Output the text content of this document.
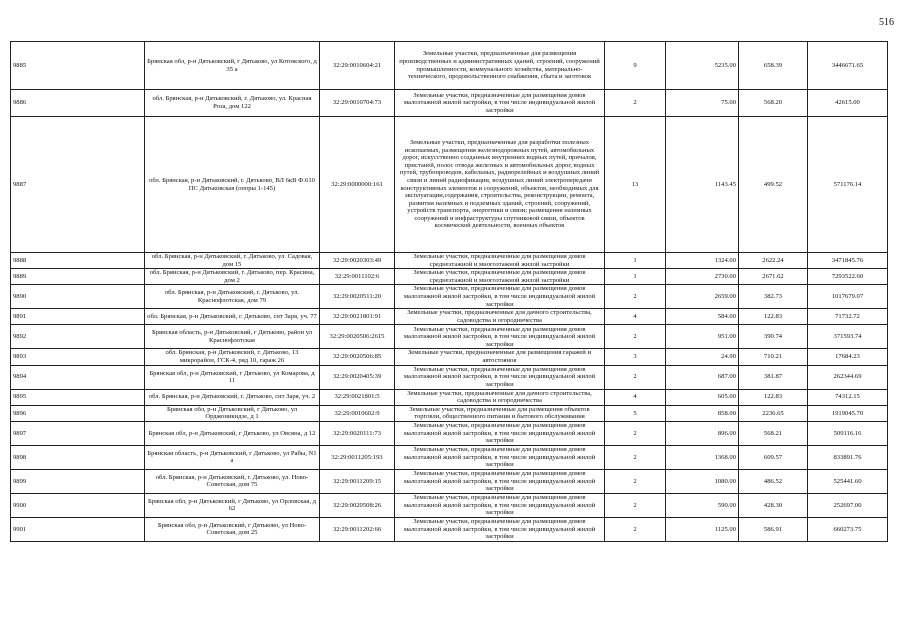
516
9885	Брянская обл, р-н Дятьковский, г Дятьково, ул Котовского, д 35 а	32:29:0010604:21	Земельные участки, предназначенные для размещения производственных и административных зданий, строений, сооружений промышленности, коммунального хозяйства, материально-технического, продовольственного снабжения, сбыта и заготовок	9	5235.00	658.39	3446671.65
9886	обл. Брянская, р-н Дятьковский, г. Дятьково, ул. Красная Роза, дом 122	32:29:0010704:73	Земельные участки, предназначенные для размещения домов малоэтажной жилой застройки, в том числе индивидуальной жилой застройки	2	75.00	568.20	42615.00
9887	обл. Брянская, р-н Дятьковский, г. Дятьково, ВЛ 6кВ Ф.610 ПС Дятьковская (опоры 1-145)	32:29:0000000:161	Земельные участки, предназначенные для разработки полезных ископаемых, размещения железнодорожных путей, автомобильных дорог, искусственно созданных внутренних водных путей, причалов, пристаней, полос отвода железных и автомобильных дорог, водных путей, трубопроводов, кабельных, радиорелейных и воздушных линий связи и линий радиофикации, воздушных линий электропередачи конструктивных элементов и сооружений, объектов, необходимых для эксплуатации,содержания, строительства, реконструкции, ремонта, развития наземных и подземных зданий, строений, сооружений, устройств транспорта, энергетики и связи; размещения наземных сооружений и инфраструктуры спутниковой связи, объектов космической деятельности, военных объектов	13	1143.45	499.52	571176.14
9888	обл. Брянская, р-н Дятьковский, г. Дятьково, ул. Садовая, дом 15	32:29:0020303:49	Земельные участки, предназначенные для размещения домов среднеэтажной и многоэтажной жилой застройки	1	1324.00	2622.24	3471845.76
9889	обл. Брянская, р-н Дятьковский, г. Дятьково, пер. Красина, дом 2	32:29:0011102:6	Земельные участки, предназначенные для размещения домов среднеэтажной и многоэтажной жилой застройки	1	2730.00	2671.62	7293522.60
9890	обл. Брянская, р-н Дятьковский, г. Дятьково, ул. Краснофлотская, дом 79	32:29:0020511:20	Земельные участки, предназначенные для размещения домов малоэтажной жилой застройки, в том числе индивидуальной жилой застройки	2	2659.00	382.73	1017679.07
9891	обл. Брянская, р-н Дятьковский, г. Дятьково, снт Заря, уч. 77	32:29:0021801:91	Земельные участки, предназначенные для дачного строительства, садоводства и огородничества	4	584.00	122.83	71732.72
9892	Брянская область, р-н Дятьковский, г Дятьково, район ул Краснофлотская	32:29:0020506:2615	Земельные участки, предназначенные для размещения домов малоэтажной жилой застройки, в том числе индивидуальной жилой застройки	2	951.00	390.74	371593.74
9893	обл. Брянская, р-н Дятьковский, г. Дятьково, 13 микрорайон, ГСК-4, ряд 10, гараж 26	32:29:0020506:85	Земельные участки, предназначенные для размещения гаражей и автостоянок	3	24.90	710.21	17684.23
9894	Брянская обл, р-н Дятьковский, г Дятьково, ул Комарова, д 11	32:29:0020405:39	Земельные участки, предназначенные для размещения домов малоэтажной жилой застройки, в том числе индивидуальной жилой застройки	2	687.00	381.87	262344.69
9895	обл. Брянская, р-н Дятьковский, г. Дятьково, снт Заря, уч. 2	32:29:0021801:5	Земельные участки, предназначенные для дачного строительства, садоводства и огородничества	4	605.00	122.83	74312.15
9896	Брянская обл, р-н Дятьковский, г Дятьково, ул Орджоникидзе, д 1	32:29:0010602:9	Земельные участки, предназначенные для размещения объектов торговли, общественного питания и бытового обслуживания	5	858.00	2236.65	1919045.70
9897	Брянская обл, р-н Дятьковский, г Дятьково, ул Овсяна, д 12	32:29:0020111:73	Земельные участки, предназначенные для размещения домов малоэтажной жилой застройки, в том числе индивидуальной жилой застройки	2	896.00	568.21	509116.16
9898	Брянская область, р-н Дятьковский, г Дятьково, ул Рабы, N1 а	32:29:0011205:193	Земельные участки, предназначенные для размещения домов малоэтажной жилой застройки, в том числе индивидуальной жилой застройки	2	1368.00	609.57	833891.76
9899	обл. Брянская, р-н Дятьковский, г. Дятьково, ул. Ново-Советская, дом 75	32:29:0011209:15	Земельные участки, предназначенные для размещения домов малоэтажной жилой застройки, в том числе индивидуальной жилой застройки	2	1080.00	486.52	525441.60
9900	Брянская обл, р-н Дятьковский, г Дятьково, ул Орловская, д 62	32:29:0020508:26	Земельные участки, предназначенные для размещения домов малоэтажной жилой застройки, в том числе индивидуальной жилой застройки	2	590.00	428.30	252697.00
9901	Брянская обл, р-н Дятьковский, г Дятьково, ул Ново-Советская, дом 25	32:29:0011202:66	Земельные участки, предназначенные для размещения домов малоэтажной жилой застройки, в том числе индивидуальной жилой застройки	2	1125.00	586.91	660273.75
